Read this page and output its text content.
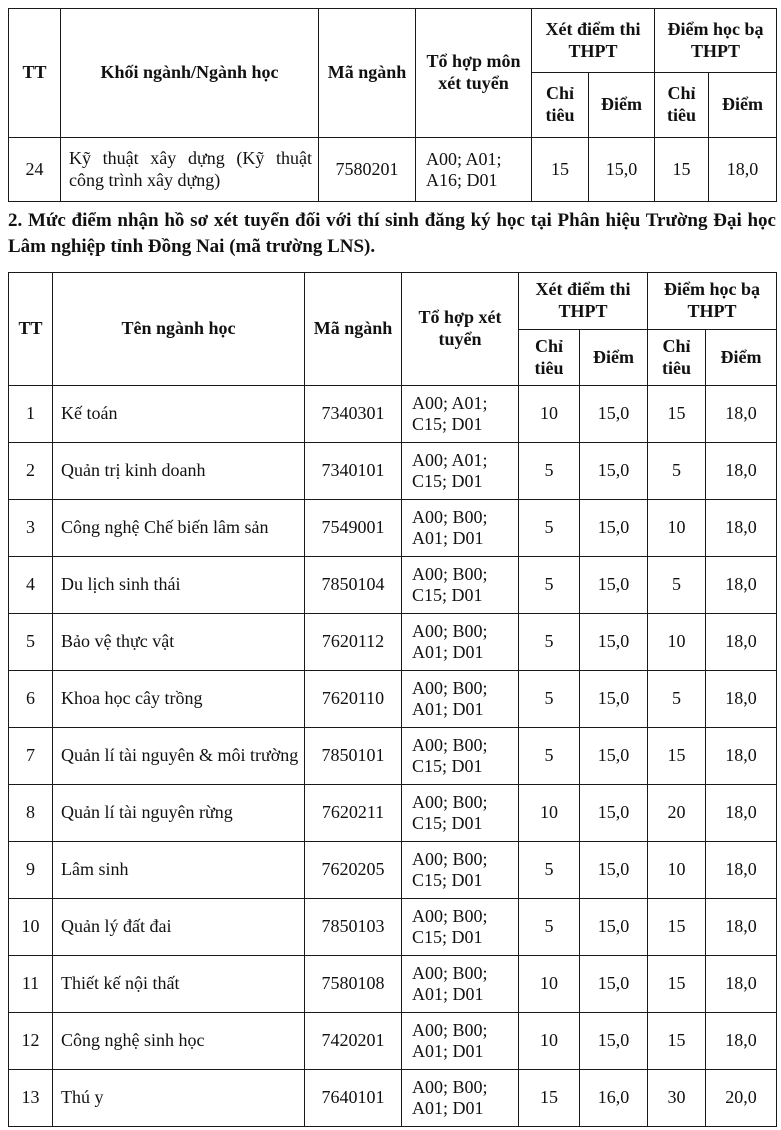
TT	Khối ngành/Ngành học	Mã ngành	Tổ hợp môn xét tuyển	Xét điểm thi THPT		Điểm học bạ THPT	
				Chỉ tiêu	Điểm	Chỉ tiêu	Điểm
24	Kỹ thuật xây dựng (Kỹ thuật công trình xây dựng)	7580201	A00; A01; A16; D01	15	15,0	15	18,0
2. Mức điểm nhận hồ sơ xét tuyển đối với thí sinh đăng ký học tại Phân hiệu Trường Đại học Lâm nghiệp tỉnh Đồng Nai (mã trường LNS).
TT	Tên ngành học	Mã ngành	Tổ hợp xét tuyển	Xét điểm thi THPT		Điểm học bạ THPT	
				Chỉ tiêu	Điểm	Chỉ tiêu	Điểm
1	Kế toán	7340301	A00; A01; C15; D01	10	15,0	15	18,0
2	Quản trị kinh doanh	7340101	A00; A01; C15; D01	5	15,0	5	18,0
3	Công nghệ Chế biến lâm sản	7549001	A00; B00; A01; D01	5	15,0	10	18,0
4	Du lịch sinh thái	7850104	A00; B00; C15; D01	5	15,0	5	18,0
5	Bảo vệ thực vật	7620112	A00; B00; A01; D01	5	15,0	10	18,0
6	Khoa học cây trồng	7620110	A00; B00; A01; D01	5	15,0	5	18,0
7	Quản lí tài nguyên & môi trường	7850101	A00; B00; C15; D01	5	15,0	15	18,0
8	Quản lí tài nguyên rừng	7620211	A00; B00; C15; D01	10	15,0	20	18,0
9	Lâm sinh	7620205	A00; B00; C15; D01	5	15,0	10	18,0
10	Quản lý đất đai	7850103	A00; B00; C15; D01	5	15,0	15	18,0
11	Thiết kế nội thất	7580108	A00; B00; A01; D01	10	15,0	15	18,0
12	Công nghệ sinh học	7420201	A00; B00; A01; D01	10	15,0	15	18,0
13	Thú y	7640101	A00; B00; A01; D01	15	16,0	30	20,0
